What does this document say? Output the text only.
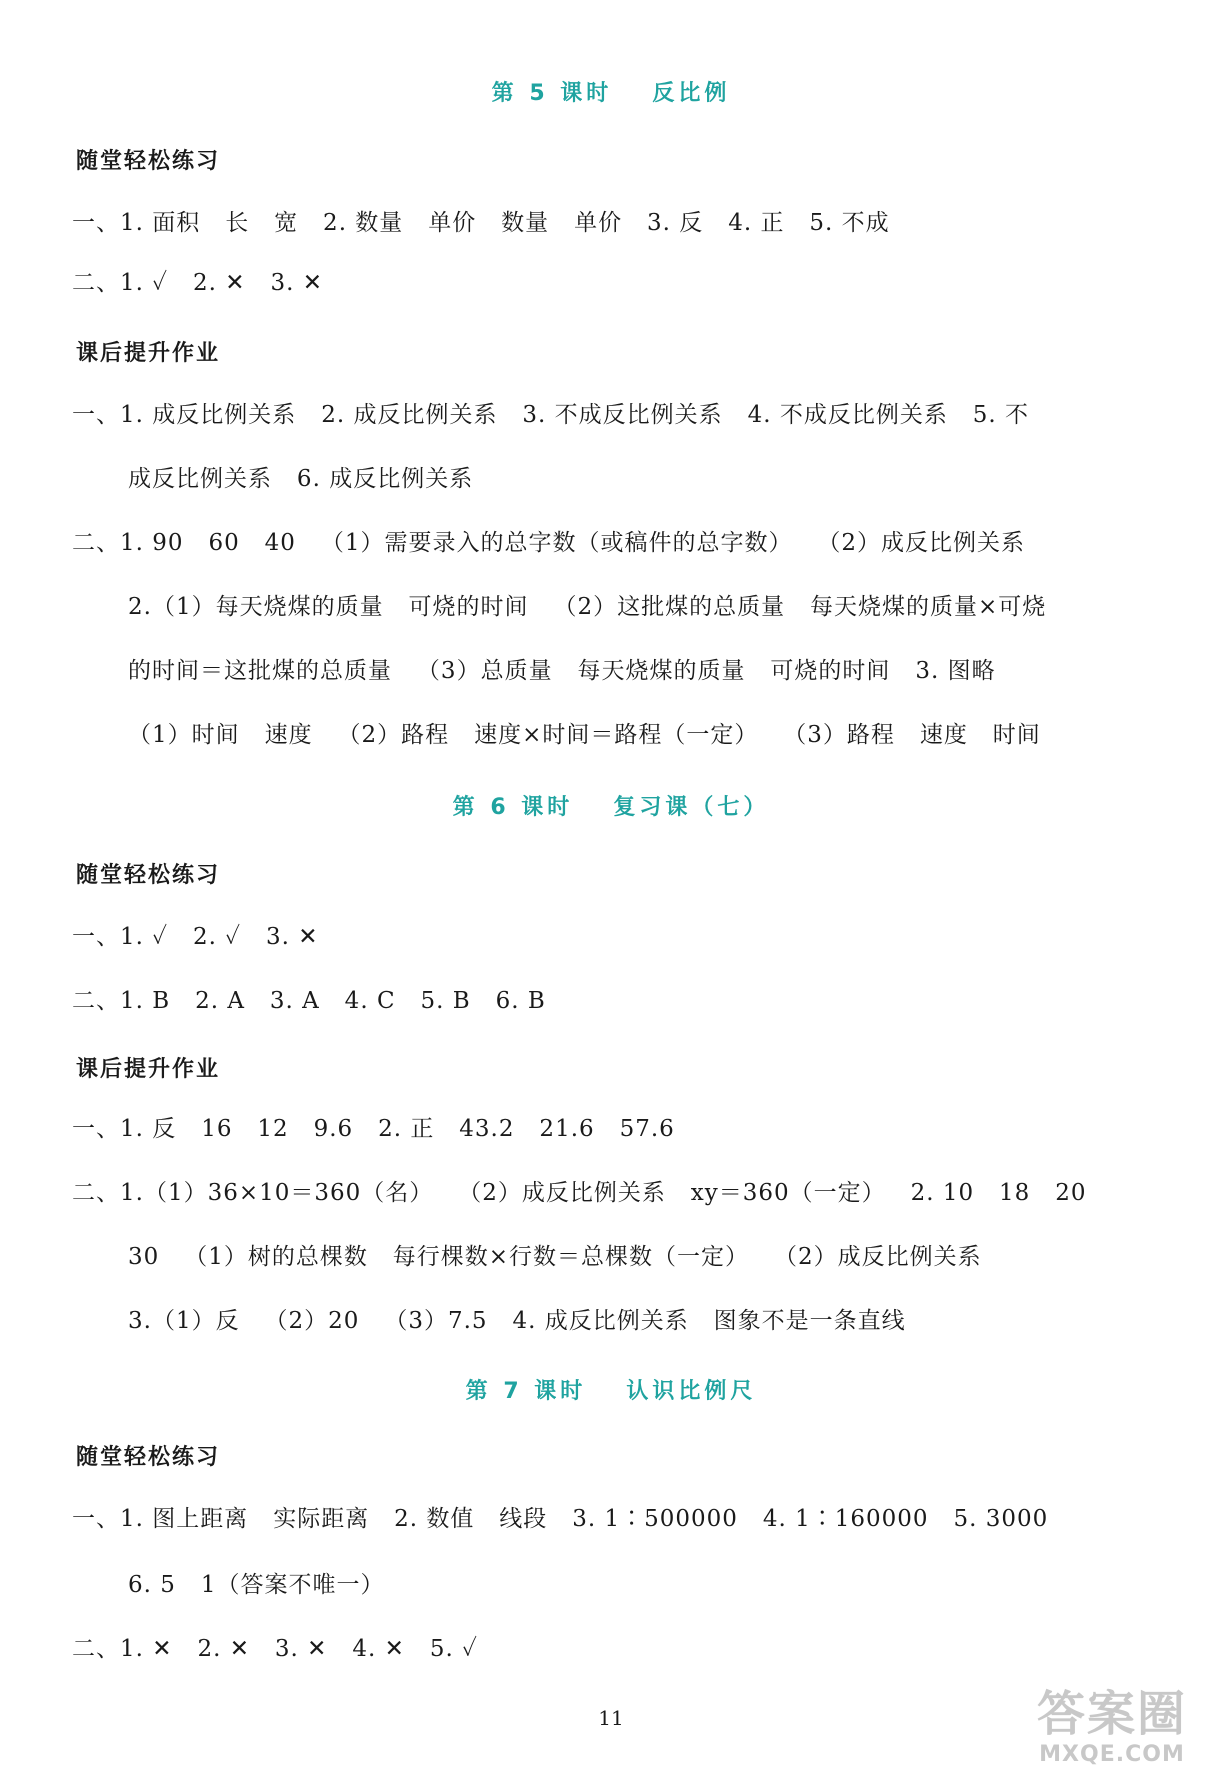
第 5 课时 反比例
随堂轻松练习
一、1. 面积   长   宽   2. 数量   单价   数量   单价   3. 反   4. 正   5. 不成
二、1. ✓   2. ✕   3. ✕
课后提升作业
一、1. 成反比例关系   2. 成反比例关系   3. 不成反比例关系   4. 不成反比例关系   5. 不
成反比例关系   6. 成反比例关系
二、1. 90   60   40   （1）需要录入的总字数（或稿件的总字数）   （2）成反比例关系
2.（1）每天烧煤的质量   可烧的时间   （2）这批煤的总质量   每天烧煤的质量×可烧
的时间＝这批煤的总质量   （3）总质量   每天烧煤的质量   可烧的时间   3. 图略
（1）时间   速度   （2）路程   速度×时间＝路程（一定）   （3）路程   速度   时间
第 6 课时 复习课（七）
随堂轻松练习
一、1. ✓   2. ✓   3. ✕
二、1. B   2. A   3. A   4. C   5. B   6. B
课后提升作业
一、1. 反   16   12   9.6   2. 正   43.2   21.6   57.6
二、1.（1）36×10＝360（名）   （2）成反比例关系   xy＝360（一定）   2. 10   18   20
30   （1）树的总棵数   每行棵数×行数＝总棵数（一定）   （2）成反比例关系
3.（1）反   （2）20   （3）7.5   4. 成反比例关系   图象不是一条直线
第 7 课时 认识比例尺
随堂轻松练习
一、1. 图上距离   实际距离   2. 数值   线段   3. 1∶500000   4. 1∶160000   5. 3000
6. 5   1（答案不唯一）
二、1. ✕   2. ✕   3. ✕   4. ✕   5. ✓
11	答案圈
MXQE.COM
